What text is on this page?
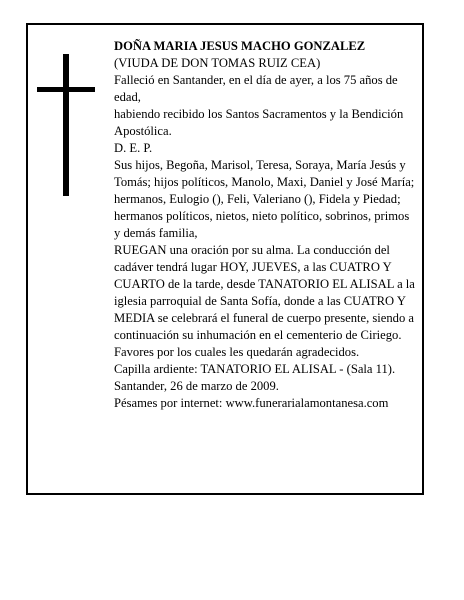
DOÑA MARIA JESUS MACHO GONZALEZ

(VIUDA DE DON TOMAS RUIZ CEA)

Falleció en Santander, en el día de ayer, a los 75 años de edad,

habiendo recibido los Santos Sacramentos y la Bendición Apostólica.

D. E. P.

Sus hijos, Begoña, Marisol, Teresa, Soraya, María Jesús y Tomás; hijos políticos, Manolo, Maxi, Daniel y José María; hermanos, Eulogio (), Feli, Valeriano (), Fidela y Piedad; hermanos políticos, nietos, nieto político, sobrinos, primos y demás familia,

RUEGAN una oración por su alma. La conducción del cadáver tendrá lugar HOY, JUEVES, a las CUATRO Y CUARTO de la tarde, desde TANATORIO EL ALISAL a la iglesia parroquial de Santa Sofía, donde a las CUATRO Y MEDIA se celebrará el funeral de cuerpo presente, siendo a continuación su inhumación en el cementerio de Ciriego. Favores por los cuales les quedarán agradecidos.

Capilla ardiente: TANATORIO EL ALISAL - (Sala 11).

Santander, 26 de marzo de 2009.

Pésames por internet: www.funerarialamontanesa.com
